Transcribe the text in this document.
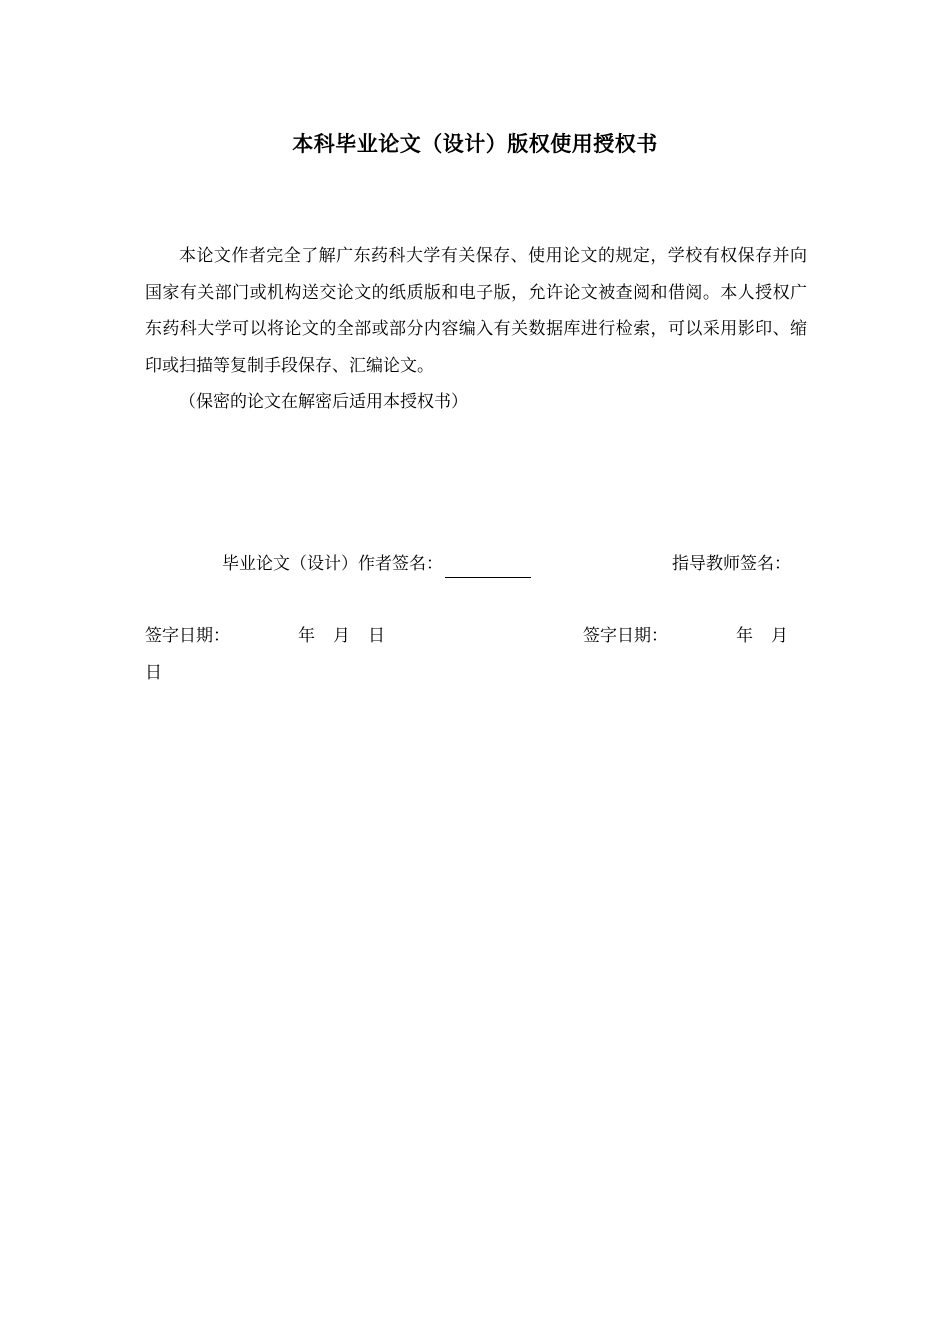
本科毕业论文（设计）版权使用授权书

本论文作者完全了解广东药科大学有关保存、使用论文的规定，学校有权保存并向国家有关部门或机构送交论文的纸质版和电子版，允许论文被查阅和借阅。本人授权广东药科大学可以将论文的全部或部分内容编入有关数据库进行检索，可以采用影印、缩印或扫描等复制手段保存、汇编论文。

（保密的论文在解密后适用本授权书）

毕业论文（设计）作者签名：	指导教师签名：
签字日期：	年 月 日	签字日期：	年 月
日
